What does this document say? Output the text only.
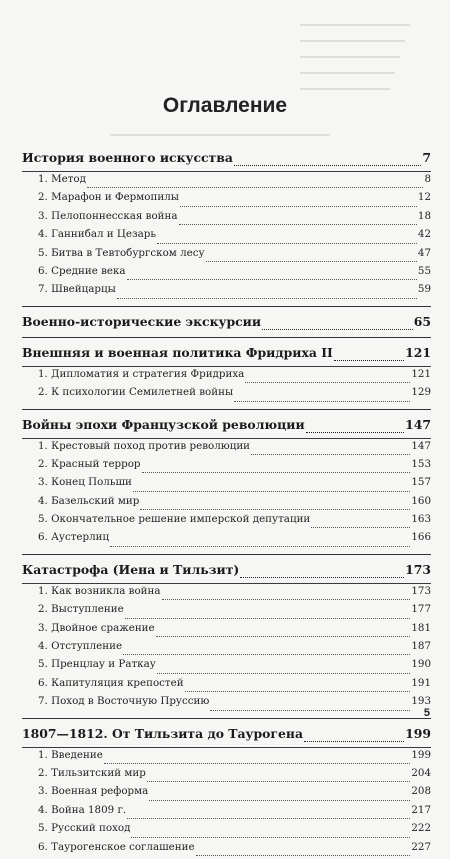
Оглавление
История военного искусства	7
1. Метод	8
2. Марафон и Фермопилы	12
3. Пелопоннесская война	18
4. Ганнибал и Цезарь	42
5. Битва в Тевтобургском лесу	47
6. Средние века	55
7. Швейцарцы	59
Военно-исторические экскурсии	65
Внешняя и военная политика Фридриха II	121
1. Дипломатия и стратегия Фридриха	121
2. К психологии Семилетней войны	129
Войны эпохи Французской революции	147
1. Крестовый поход против революции	147
2. Красный террор	153
3. Конец Польши	157
4. Базельский мир	160
5. Окончательное решение имперской депутации	163
6. Аустерлиц	166
Катастрофа (Иена и Тильзит)	173
1. Как возникла война	173
2. Выступление	177
3. Двойное сражение	181
4. Отступление	187
5. Пренцлау и Раткау	190
6. Капитуляция крепостей	191
7. Поход в Восточную Пруссию	193
1807—1812. От Тильзита до Таурогена	199
1. Введение	199
2. Тильзитский мир	204
3. Военная реформа	208
4. Война 1809 г.	217
5. Русский поход	222
6. Таурогенское соглашение	227
5
